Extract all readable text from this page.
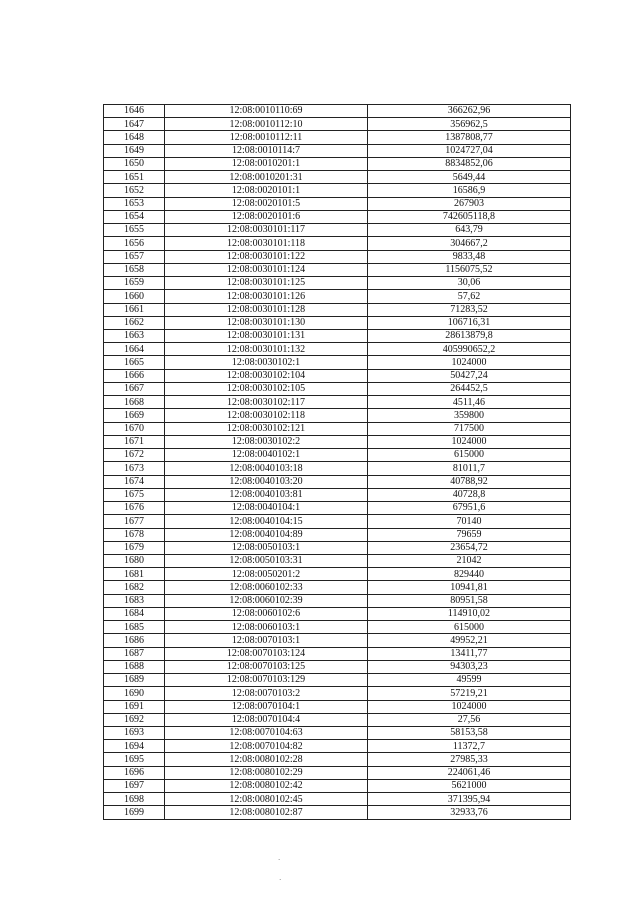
1646	12:08:0010110:69	366262,96
1647	12:08:0010112:10	356962,5
1648	12:08:0010112:11	1387808,77
1649	12:08:0010114:7	1024727,04
1650	12:08:0010201:1	8834852,06
1651	12:08:0010201:31	5649,44
1652	12:08:0020101:1	16586,9
1653	12:08:0020101:5	267903
1654	12:08:0020101:6	742605118,8
1655	12:08:0030101:117	643,79
1656	12:08:0030101:118	304667,2
1657	12:08:0030101:122	9833,48
1658	12:08:0030101:124	1156075,52
1659	12:08:0030101:125	30,06
1660	12:08:0030101:126	57,62
1661	12:08:0030101:128	71283,52
1662	12:08:0030101:130	106716,31
1663	12:08:0030101:131	28613879,8
1664	12:08:0030101:132	405990652,2
1665	12:08:0030102:1	1024000
1666	12:08:0030102:104	50427,24
1667	12:08:0030102:105	264452,5
1668	12:08:0030102:117	4511,46
1669	12:08:0030102:118	359800
1670	12:08:0030102:121	717500
1671	12:08:0030102:2	1024000
1672	12:08:0040102:1	615000
1673	12:08:0040103:18	81011,7
1674	12:08:0040103:20	40788,92
1675	12:08:0040103:81	40728,8
1676	12:08:0040104:1	67951,6
1677	12:08:0040104:15	70140
1678	12:08:0040104:89	79659
1679	12:08:0050103:1	23654,72
1680	12:08:0050103:31	21042
1681	12:08:0050201:2	829440
1682	12:08:0060102:33	10941,81
1683	12:08:0060102:39	80951,58
1684	12:08:0060102:6	114910,02
1685	12:08:0060103:1	615000
1686	12:08:0070103:1	49952,21
1687	12:08:0070103:124	13411,77
1688	12:08:0070103:125	94303,23
1689	12:08:0070103:129	49599
1690	12:08:0070103:2	57219,21
1691	12:08:0070104:1	1024000
1692	12:08:0070104:4	27,56
1693	12:08:0070104:63	58153,58
1694	12:08:0070104:82	11372,7
1695	12:08:0080102:28	27985,33
1696	12:08:0080102:29	224061,46
1697	12:08:0080102:42	5621000
1698	12:08:0080102:45	371395,94
1699	12:08:0080102:87	32933,76
`
·
